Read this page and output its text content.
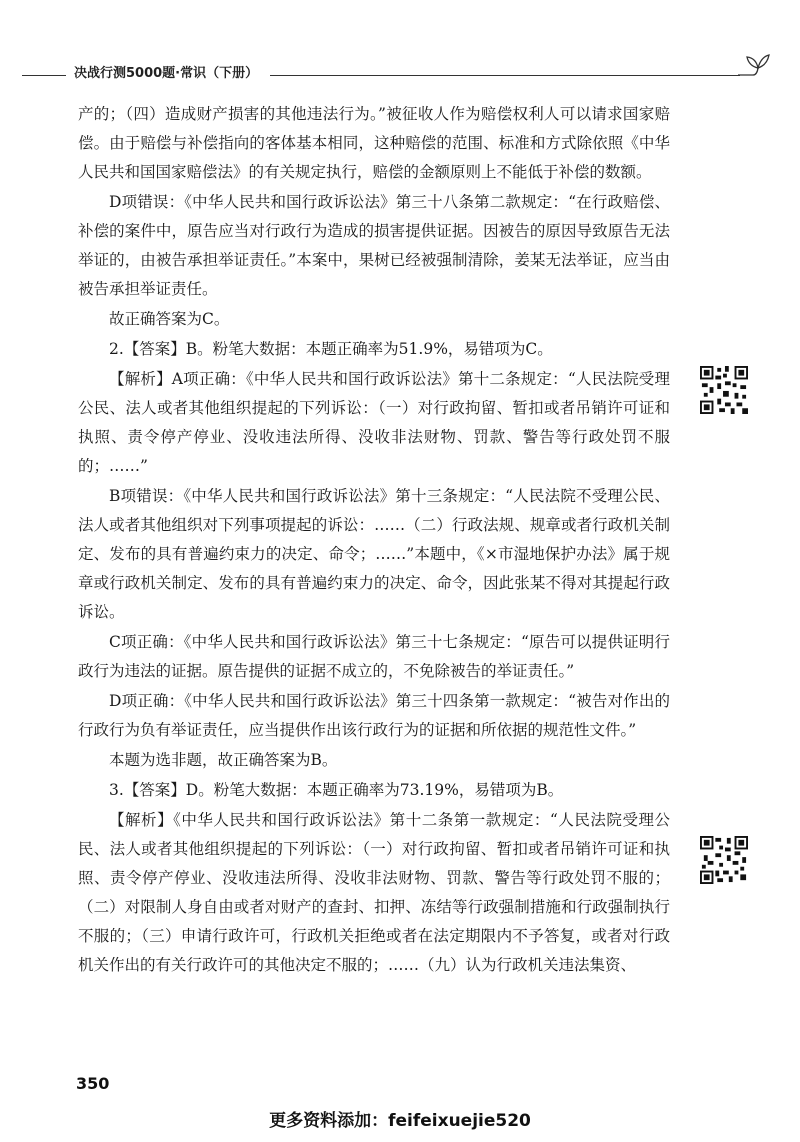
决战行测5000题·常识（下册）

产的；（四）造成财产损害的其他违法行为。”被征收人作为赔偿权利人可以请求国家赔偿。由于赔偿与补偿指向的客体基本相同，这种赔偿的范围、标准和方式除依照《中华人民共和国国家赔偿法》的有关规定执行，赔偿的金额原则上不能低于补偿的数额。

D项错误：《中华人民共和国行政诉讼法》第三十八条第二款规定：“在行政赔偿、补偿的案件中，原告应当对行政行为造成的损害提供证据。因被告的原因导致原告无法举证的，由被告承担举证责任。”本案中，果树已经被强制清除，姜某无法举证，应当由被告承担举证责任。

故正确答案为C。

2.【答案】B。粉笔大数据：本题正确率为51.9%，易错项为C。

【解析】A项正确：《中华人民共和国行政诉讼法》第十二条规定：“人民法院受理公民、法人或者其他组织提起的下列诉讼：（一）对行政拘留、暂扣或者吊销许可证和执照、责令停产停业、没收违法所得、没收非法财物、罚款、警告等行政处罚不服的；……”

B项错误：《中华人民共和国行政诉讼法》第十三条规定：“人民法院不受理公民、法人或者其他组织对下列事项提起的诉讼：……（二）行政法规、规章或者行政机关制定、发布的具有普遍约束力的决定、命令；……”本题中，《×市湿地保护办法》属于规章或行政机关制定、发布的具有普遍约束力的决定、命令，因此张某不得对其提起行政诉讼。

C项正确：《中华人民共和国行政诉讼法》第三十七条规定：“原告可以提供证明行政行为违法的证据。原告提供的证据不成立的，不免除被告的举证责任。”

D项正确：《中华人民共和国行政诉讼法》第三十四条第一款规定：“被告对作出的行政行为负有举证责任，应当提供作出该行政行为的证据和所依据的规范性文件。”

本题为选非题，故正确答案为B。

3.【答案】D。粉笔大数据：本题正确率为73.19%，易错项为B。

【解析】《中华人民共和国行政诉讼法》第十二条第一款规定：“人民法院受理公民、法人或者其他组织提起的下列诉讼：（一）对行政拘留、暂扣或者吊销许可证和执照、责令停产停业、没收违法所得、没收非法财物、罚款、警告等行政处罚不服的；（二）对限制人身自由或者对财产的查封、扣押、冻结等行政强制措施和行政强制执行不服的；（三）申请行政许可，行政机关拒绝或者在法定期限内不予答复，或者对行政机关作出的有关行政许可的其他决定不服的；……（九）认为行政机关违法集资、

350
更多资料添加：feifeixuejie520
